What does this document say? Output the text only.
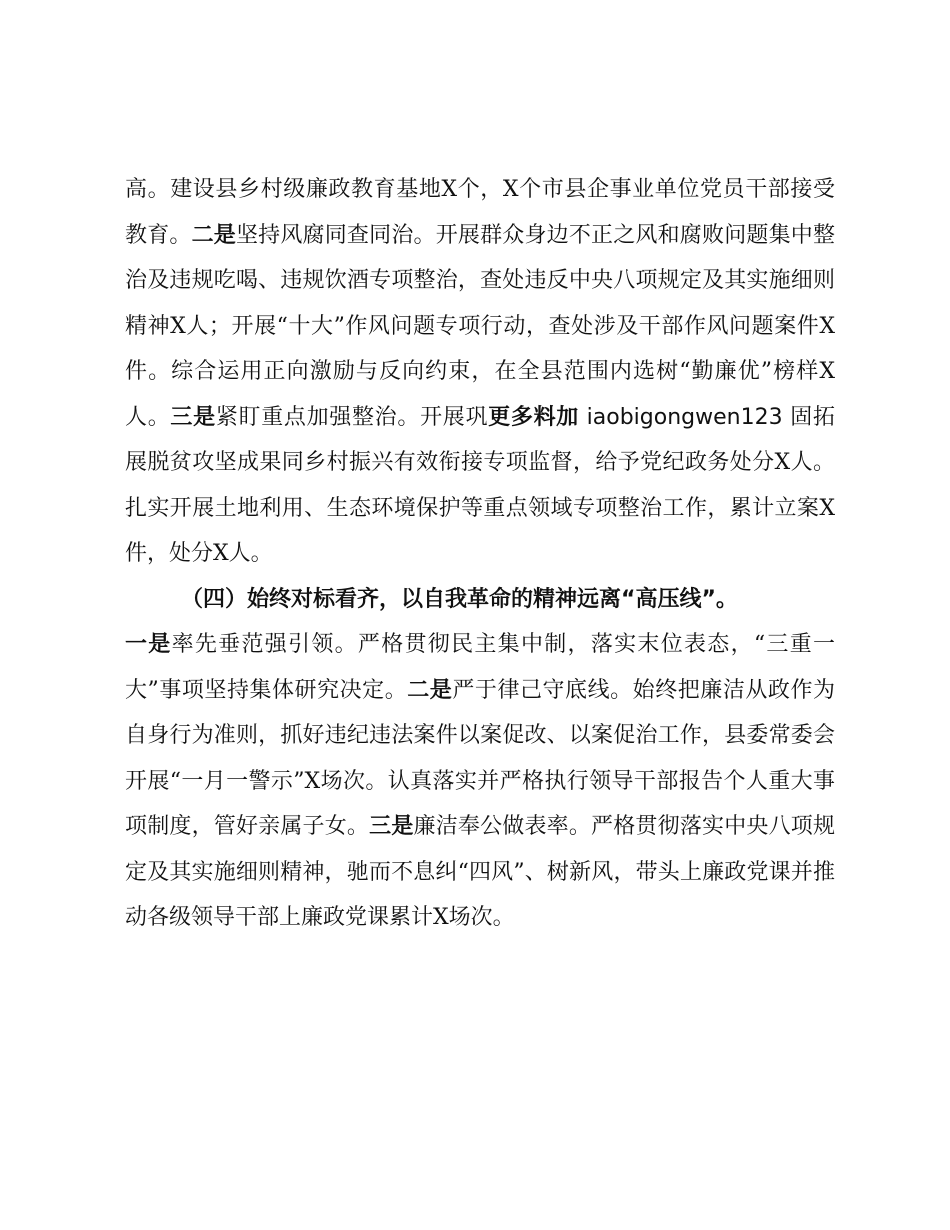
高。建设县乡村级廉政教育基地X个，X个市县企事业单位党员干部接受教育。二是坚持风腐同查同治。开展群众身边不正之风和腐败问题集中整治及违规吃喝、违规饮酒专项整治，查处违反中央八项规定及其实施细则精神X人；开展“十大”作风问题专项行动，查处涉及干部作风问题案件X件。综合运用正向激励与反向约束，在全县范围内选树“勤廉优”榜样X人。三是紧盯重点加强整治。开展巩更多料加 iaobigongwen123 固拓展脱贫攻坚成果同乡村振兴有效衔接专项监督，给予党纪政务处分X人。扎实开展土地利用、生态环境保护等重点领域专项整治工作，累计立案X件，处分X人。

（四）始终对标看齐，以自我革命的精神远离“高压线”。

一是率先垂范强引领。严格贯彻民主集中制，落实末位表态，“三重一大”事项坚持集体研究决定。二是严于律己守底线。始终把廉洁从政作为自身行为准则，抓好违纪违法案件以案促改、以案促治工作，县委常委会开展“一月一警示”X场次。认真落实并严格执行领导干部报告个人重大事项制度，管好亲属子女。三是廉洁奉公做表率。严格贯彻落实中央八项规定及其实施细则精神，驰而不息纠“四风”、树新风，带头上廉政党课并推动各级领导干部上廉政党课累计X场次。
